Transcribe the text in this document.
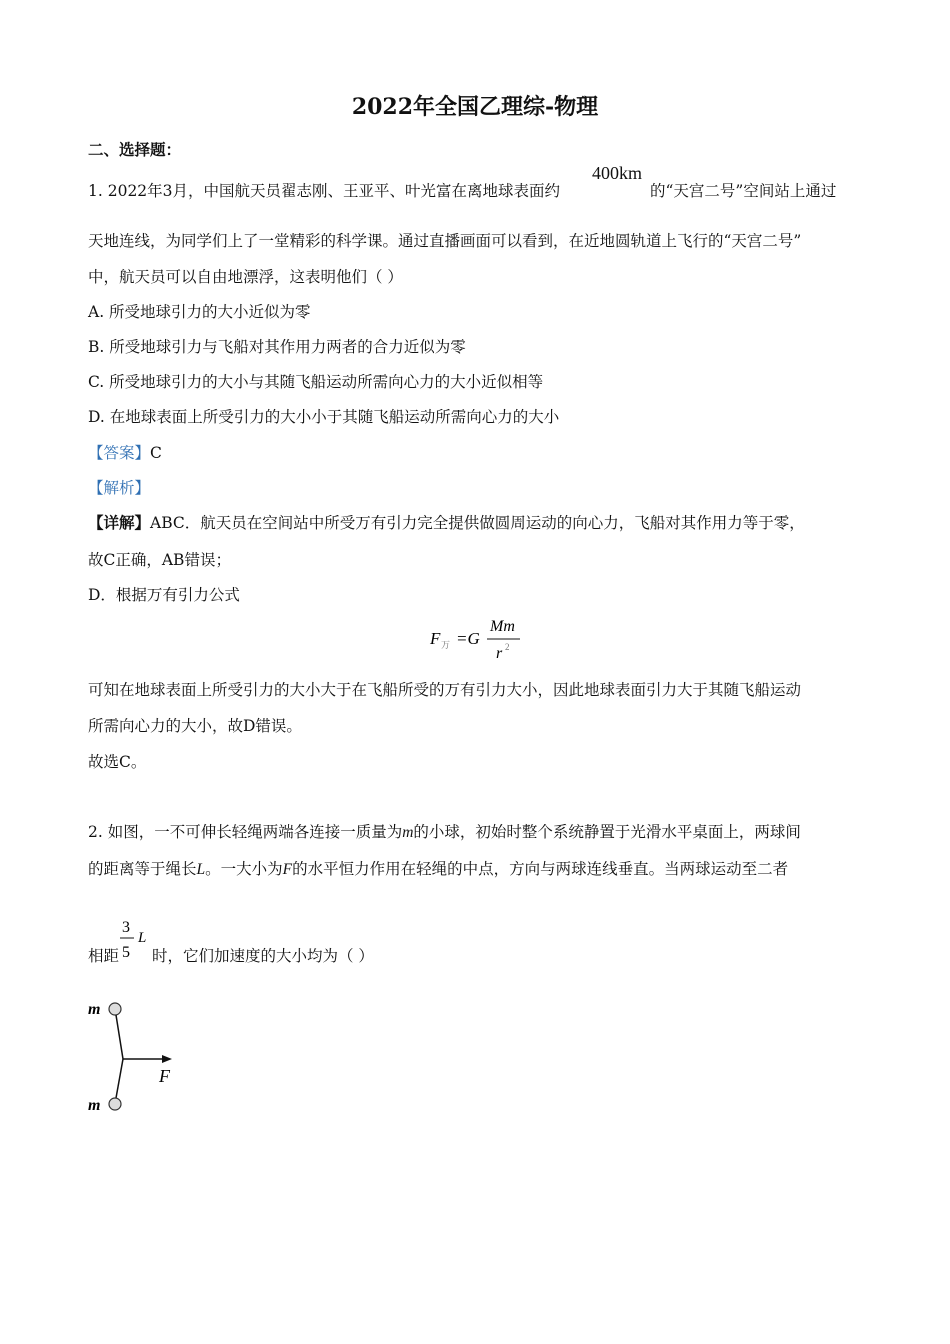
2022年全国乙理综-物理
二、选择题：
1. 2022年3月，中国航天员翟志刚、王亚平、叶光富在离地球表面约
400km
的“天宫二号”空间站上通过
天地连线，为同学们上了一堂精彩的科学课。通过直播画面可以看到，在近地圆轨道上飞行的“天宫二号”
中，航天员可以自由地漂浮，这表明他们（ ）
A. 所受地球引力的大小近似为零
B. 所受地球引力与飞船对其作用力两者的合力近似为零
C. 所受地球引力的大小与其随飞船运动所需向心力的大小近似相等
D. 在地球表面上所受引力的大小小于其随飞船运动所需向心力的大小
【答案】C
【解析】
【详解】ABC．航天员在空间站中所受万有引力完全提供做圆周运动的向心力，飞船对其作用力等于零，
故C正确，AB错误；
D．根据万有引力公式
F 万 =G
Mm
r 2
可知在地球表面上所受引力的大小大于在飞船所受的万有引力大小，因此地球表面引力大于其随飞船运动
所需向心力的大小，故D错误。
故选C。
2. 如图，一不可伸长轻绳两端各连接一质量为m的小球，初始时整个系统静置于光滑水平桌面上，两球间
的距离等于绳长L。一大小为F的水平恒力作用在轻绳的中点，方向与两球连线垂直。当两球运动至二者
相距
3
5
L
时，它们加速度的大小均为（ ）
m
m
F
